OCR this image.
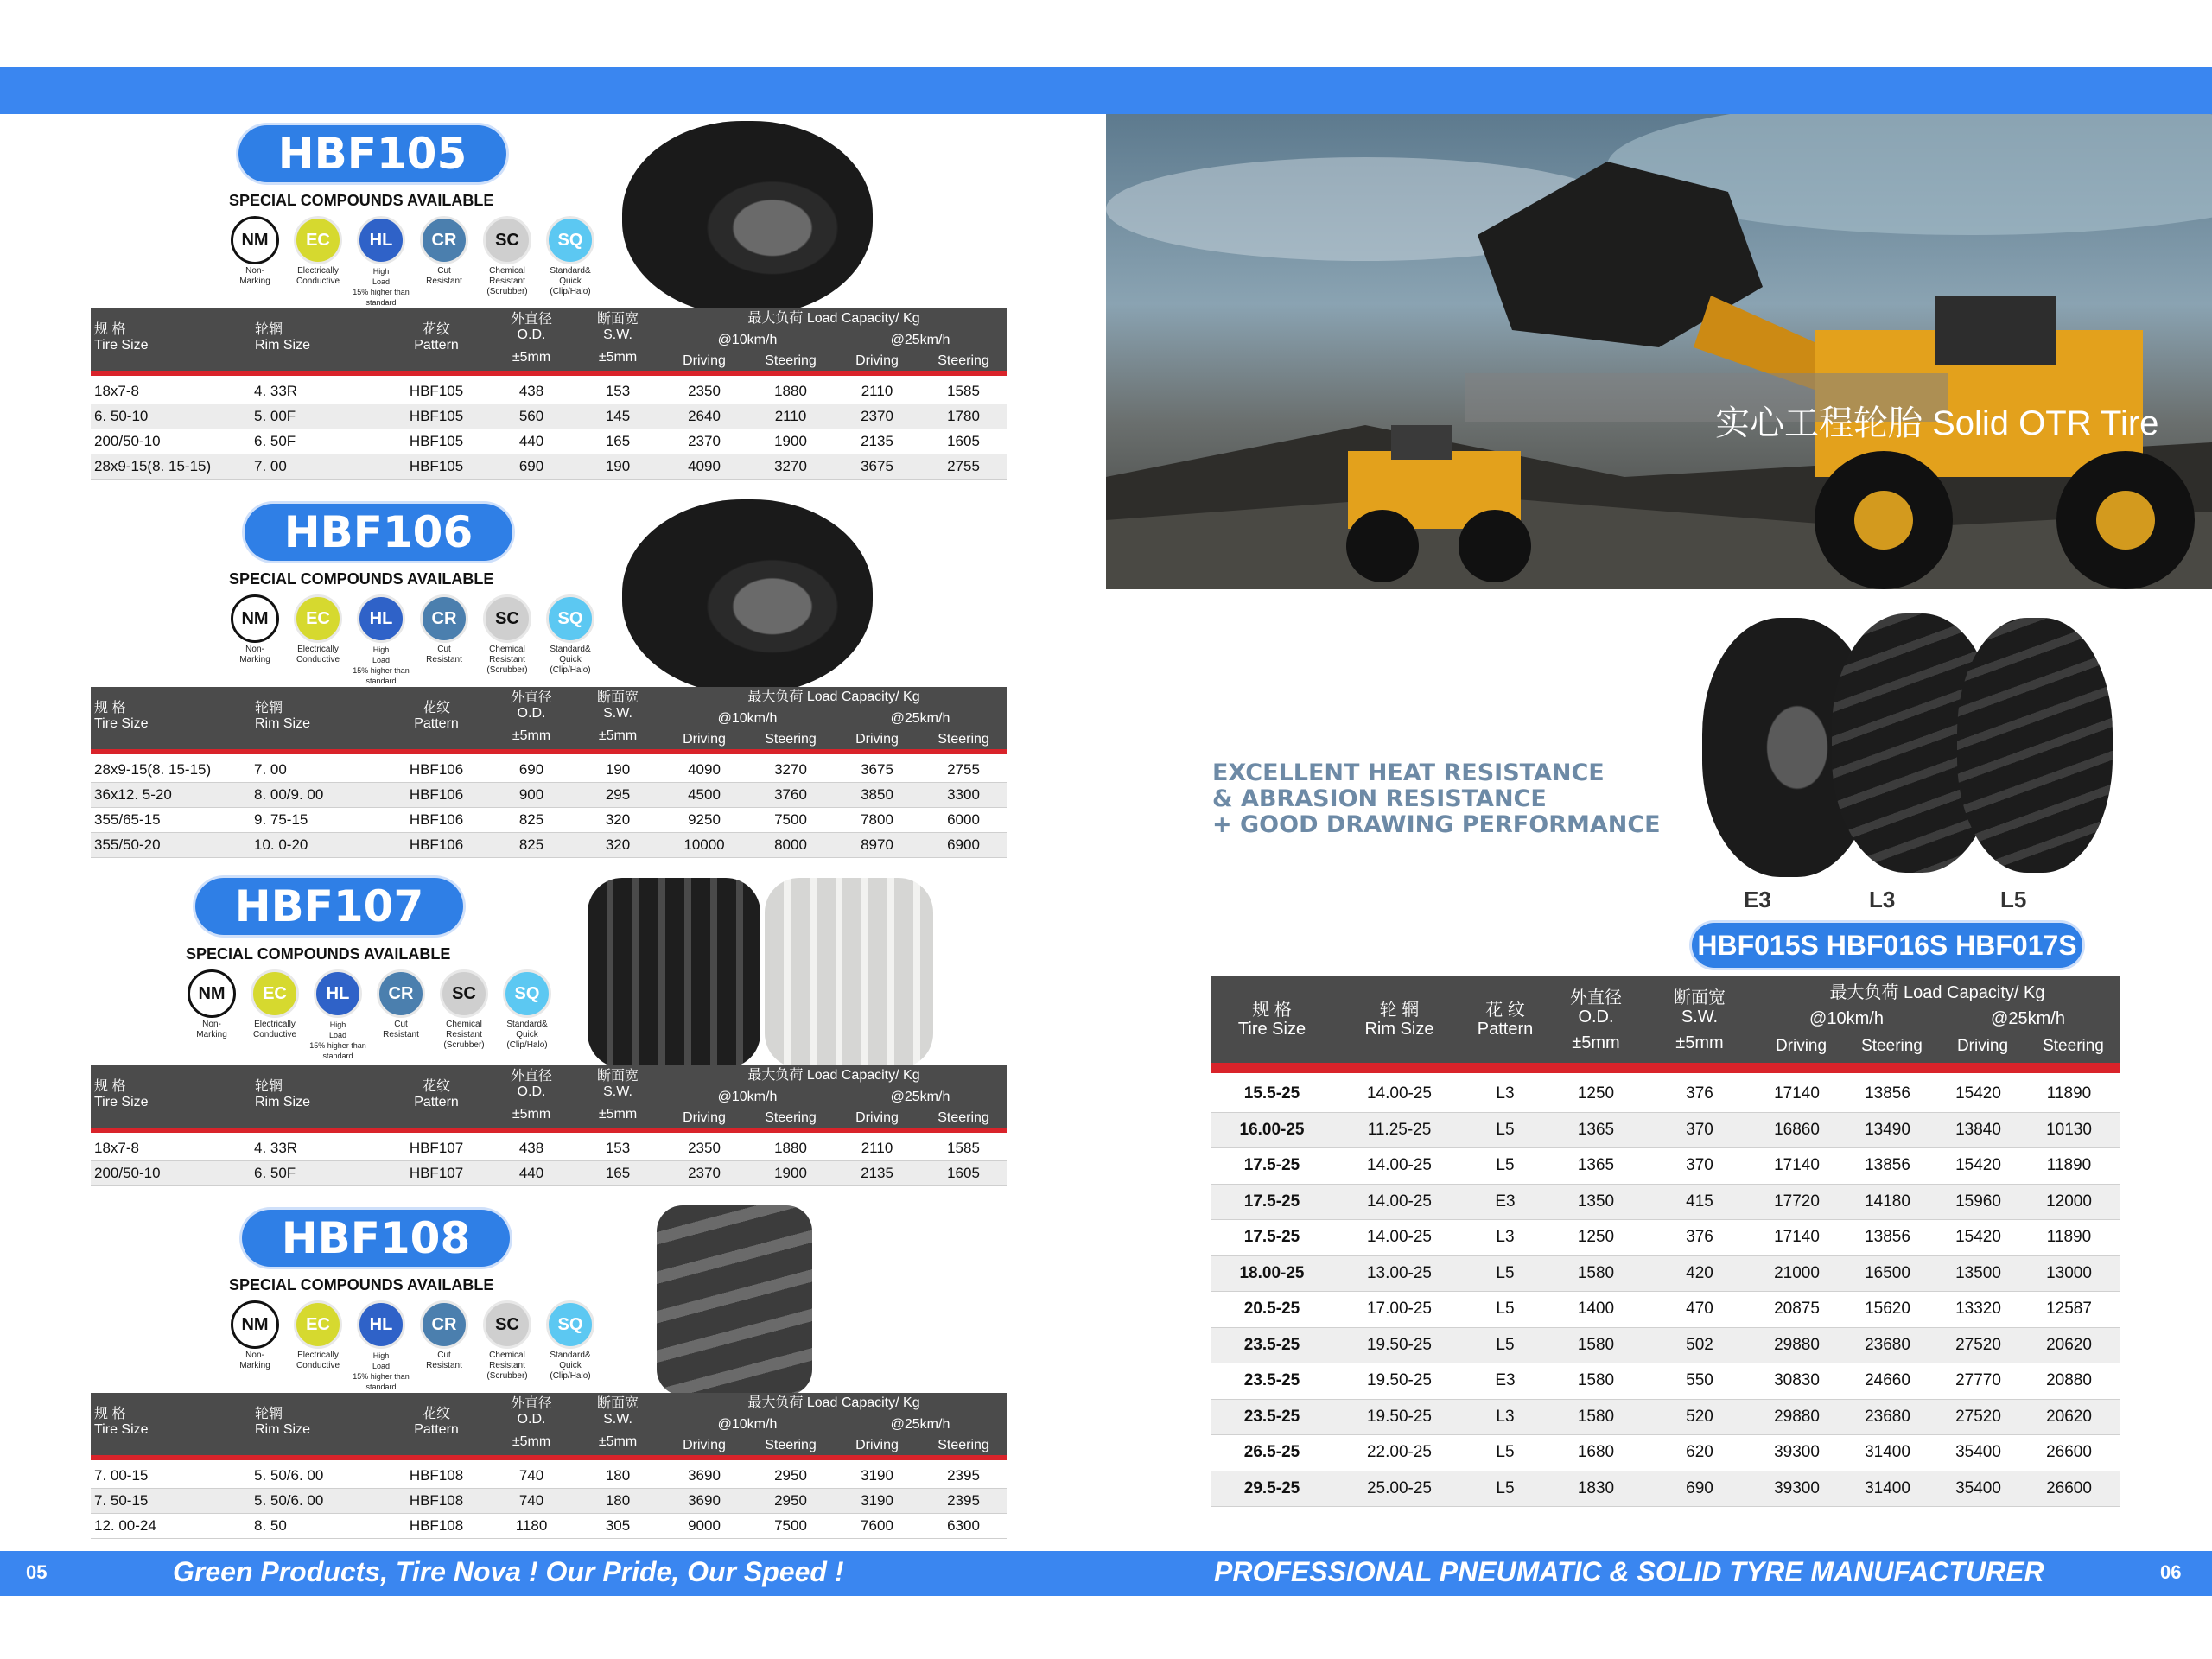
05	Green Products, Tire Nova ! Our Pride, Our Speed !	PROFESSIONAL PNEUMATIC & SOLID TYRE MANUFACTURER	06
HBF105
SPECIAL COMPOUNDS AVAILABLE
NM
Non-
Marking
EC
Electrically
Conductive
HL
High
Load
15% higher than standard
CR
Cut
Resistant
SC
Chemical
Resistant
(Scrubber)
SQ
Standard&
Quick
(Clip/Halo)
规 格
Tire Size
轮辋
Rim Size
花纹
Pattern
外直径
O.D.
±5mm
断面宽
S.W.
±5mm
最大负荷 Load Capacity/ Kg
@10km/h	@25km/h
Driving	Steering	Driving	Steering
18x7-8	4. 33R	HBF105	438	153	2350	1880	2110	1585
6. 50-10	5. 00F	HBF105	560	145	2640	2110	2370	1780
200/50-10	6. 50F	HBF105	440	165	2370	1900	2135	1605
28x9-15(8. 15-15)	7. 00	HBF105	690	190	4090	3270	3675	2755
HBF106
SPECIAL COMPOUNDS AVAILABLE
NM
Non-
Marking
EC
Electrically
Conductive
HL
High
Load
15% higher than standard
CR
Cut
Resistant
SC
Chemical
Resistant
(Scrubber)
SQ
Standard&
Quick
(Clip/Halo)
规 格
Tire Size
轮辋
Rim Size
花纹
Pattern
外直径
O.D.
±5mm
断面宽
S.W.
±5mm
最大负荷 Load Capacity/ Kg
@10km/h	@25km/h
Driving	Steering	Driving	Steering
28x9-15(8. 15-15)	7. 00	HBF106	690	190	4090	3270	3675	2755
36x12. 5-20	8. 00/9. 00	HBF106	900	295	4500	3760	3850	3300
355/65-15	9. 75-15	HBF106	825	320	9250	7500	7800	6000
355/50-20	10. 0-20	HBF106	825	320	10000	8000	8970	6900
HBF107
SPECIAL COMPOUNDS AVAILABLE
NM
Non-
Marking
EC
Electrically
Conductive
HL
High
Load
15% higher than standard
CR
Cut
Resistant
SC
Chemical
Resistant
(Scrubber)
SQ
Standard&
Quick
(Clip/Halo)
规 格
Tire Size
轮辋
Rim Size
花纹
Pattern
外直径
O.D.
±5mm
断面宽
S.W.
±5mm
最大负荷 Load Capacity/ Kg
@10km/h	@25km/h
Driving	Steering	Driving	Steering
18x7-8	4. 33R	HBF107	438	153	2350	1880	2110	1585
200/50-10	6. 50F	HBF107	440	165	2370	1900	2135	1605
HBF108
SPECIAL COMPOUNDS AVAILABLE
NM
Non-
Marking
EC
Electrically
Conductive
HL
High
Load
15% higher than standard
CR
Cut
Resistant
SC
Chemical
Resistant
(Scrubber)
SQ
Standard&
Quick
(Clip/Halo)
规 格
Tire Size
轮辋
Rim Size
花纹
Pattern
外直径
O.D.
±5mm
断面宽
S.W.
±5mm
最大负荷 Load Capacity/ Kg
@10km/h	@25km/h
Driving	Steering	Driving	Steering
7. 00-15	5. 50/6. 00	HBF108	740	180	3690	2950	3190	2395
7. 50-15	5. 50/6. 00	HBF108	740	180	3690	2950	3190	2395
12. 00-24	8. 50	HBF108	1180	305	9000	7500	7600	6300
实心工程轮胎 Solid OTR Tire
EXCELLENT HEAT RESISTANCE
& ABRASION RESISTANCE
+ GOOD DRAWING PERFORMANCE
E3	L3	L5
HBF015S HBF016S HBF017S
规 格
Tire Size
轮 辋
Rim Size
花 纹
Pattern
外直径
O.D.
±5mm
断面宽
S.W.
±5mm
最大负荷 Load Capacity/ Kg
@10km/h	@25km/h
Driving	Steering	Driving	Steering
15.5-25	14.00-25	L3	1250	376	17140	13856	15420	11890
16.00-25	11.25-25	L5	1365	370	16860	13490	13840	10130
17.5-25	14.00-25	L5	1365	370	17140	13856	15420	11890
17.5-25	14.00-25	E3	1350	415	17720	14180	15960	12000
17.5-25	14.00-25	L3	1250	376	17140	13856	15420	11890
18.00-25	13.00-25	L5	1580	420	21000	16500	13500	13000
20.5-25	17.00-25	L5	1400	470	20875	15620	13320	12587
23.5-25	19.50-25	L5	1580	502	29880	23680	27520	20620
23.5-25	19.50-25	E3	1580	550	30830	24660	27770	20880
23.5-25	19.50-25	L3	1580	520	29880	23680	27520	20620
26.5-25	22.00-25	L5	1680	620	39300	31400	35400	26600
29.5-25	25.00-25	L5	1830	690	39300	31400	35400	26600
